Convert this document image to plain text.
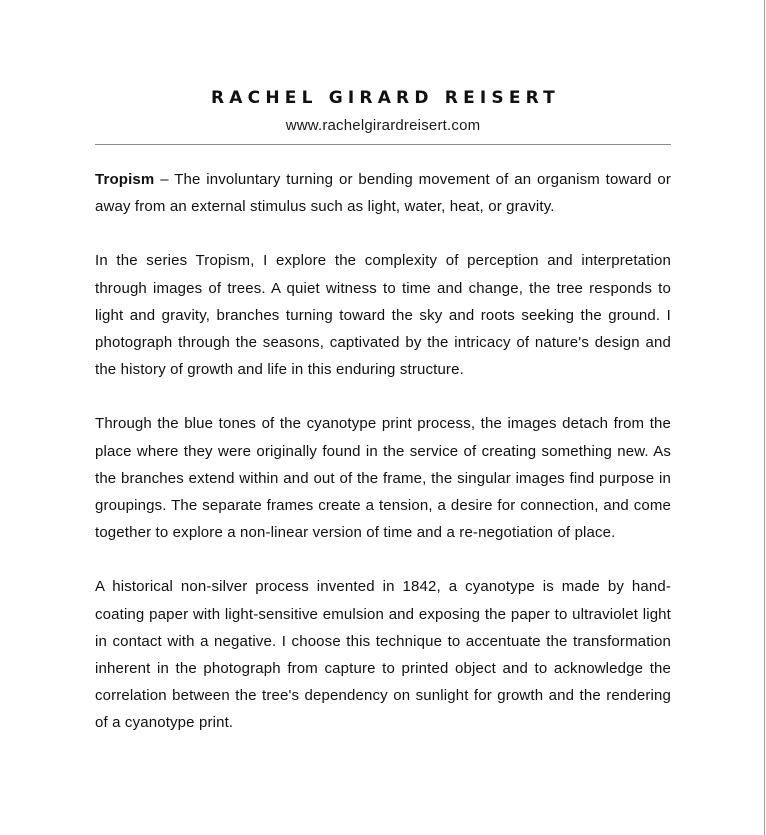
RACHEL GIRARD REISERT
www.rachelgirardreisert.com

Tropism – The involuntary turning or bending movement of an organism toward or away from an external stimulus such as light, water, heat, or gravity.

In the series Tropism, I explore the complexity of perception and interpretation through images of trees. A quiet witness to time and change, the tree responds to light and gravity, branches turning toward the sky and roots seeking the ground. I photograph through the seasons, captivated by the intricacy of nature's design and the history of growth and life in this enduring structure.

Through the blue tones of the cyanotype print process, the images detach from the place where they were originally found in the service of creating something new. As the branches extend within and out of the frame, the singular images find purpose in groupings. The separate frames create a tension, a desire for connection, and come together to explore a non-linear version of time and a re-negotiation of place.

A historical non-silver process invented in 1842, a cyanotype is made by hand-coating paper with light-sensitive emulsion and exposing the paper to ultraviolet light in contact with a negative. I choose this technique to accentuate the transformation inherent in the photograph from capture to printed object and to acknowledge the correlation between the tree's dependency on sunlight for growth and the rendering of a cyanotype print.
